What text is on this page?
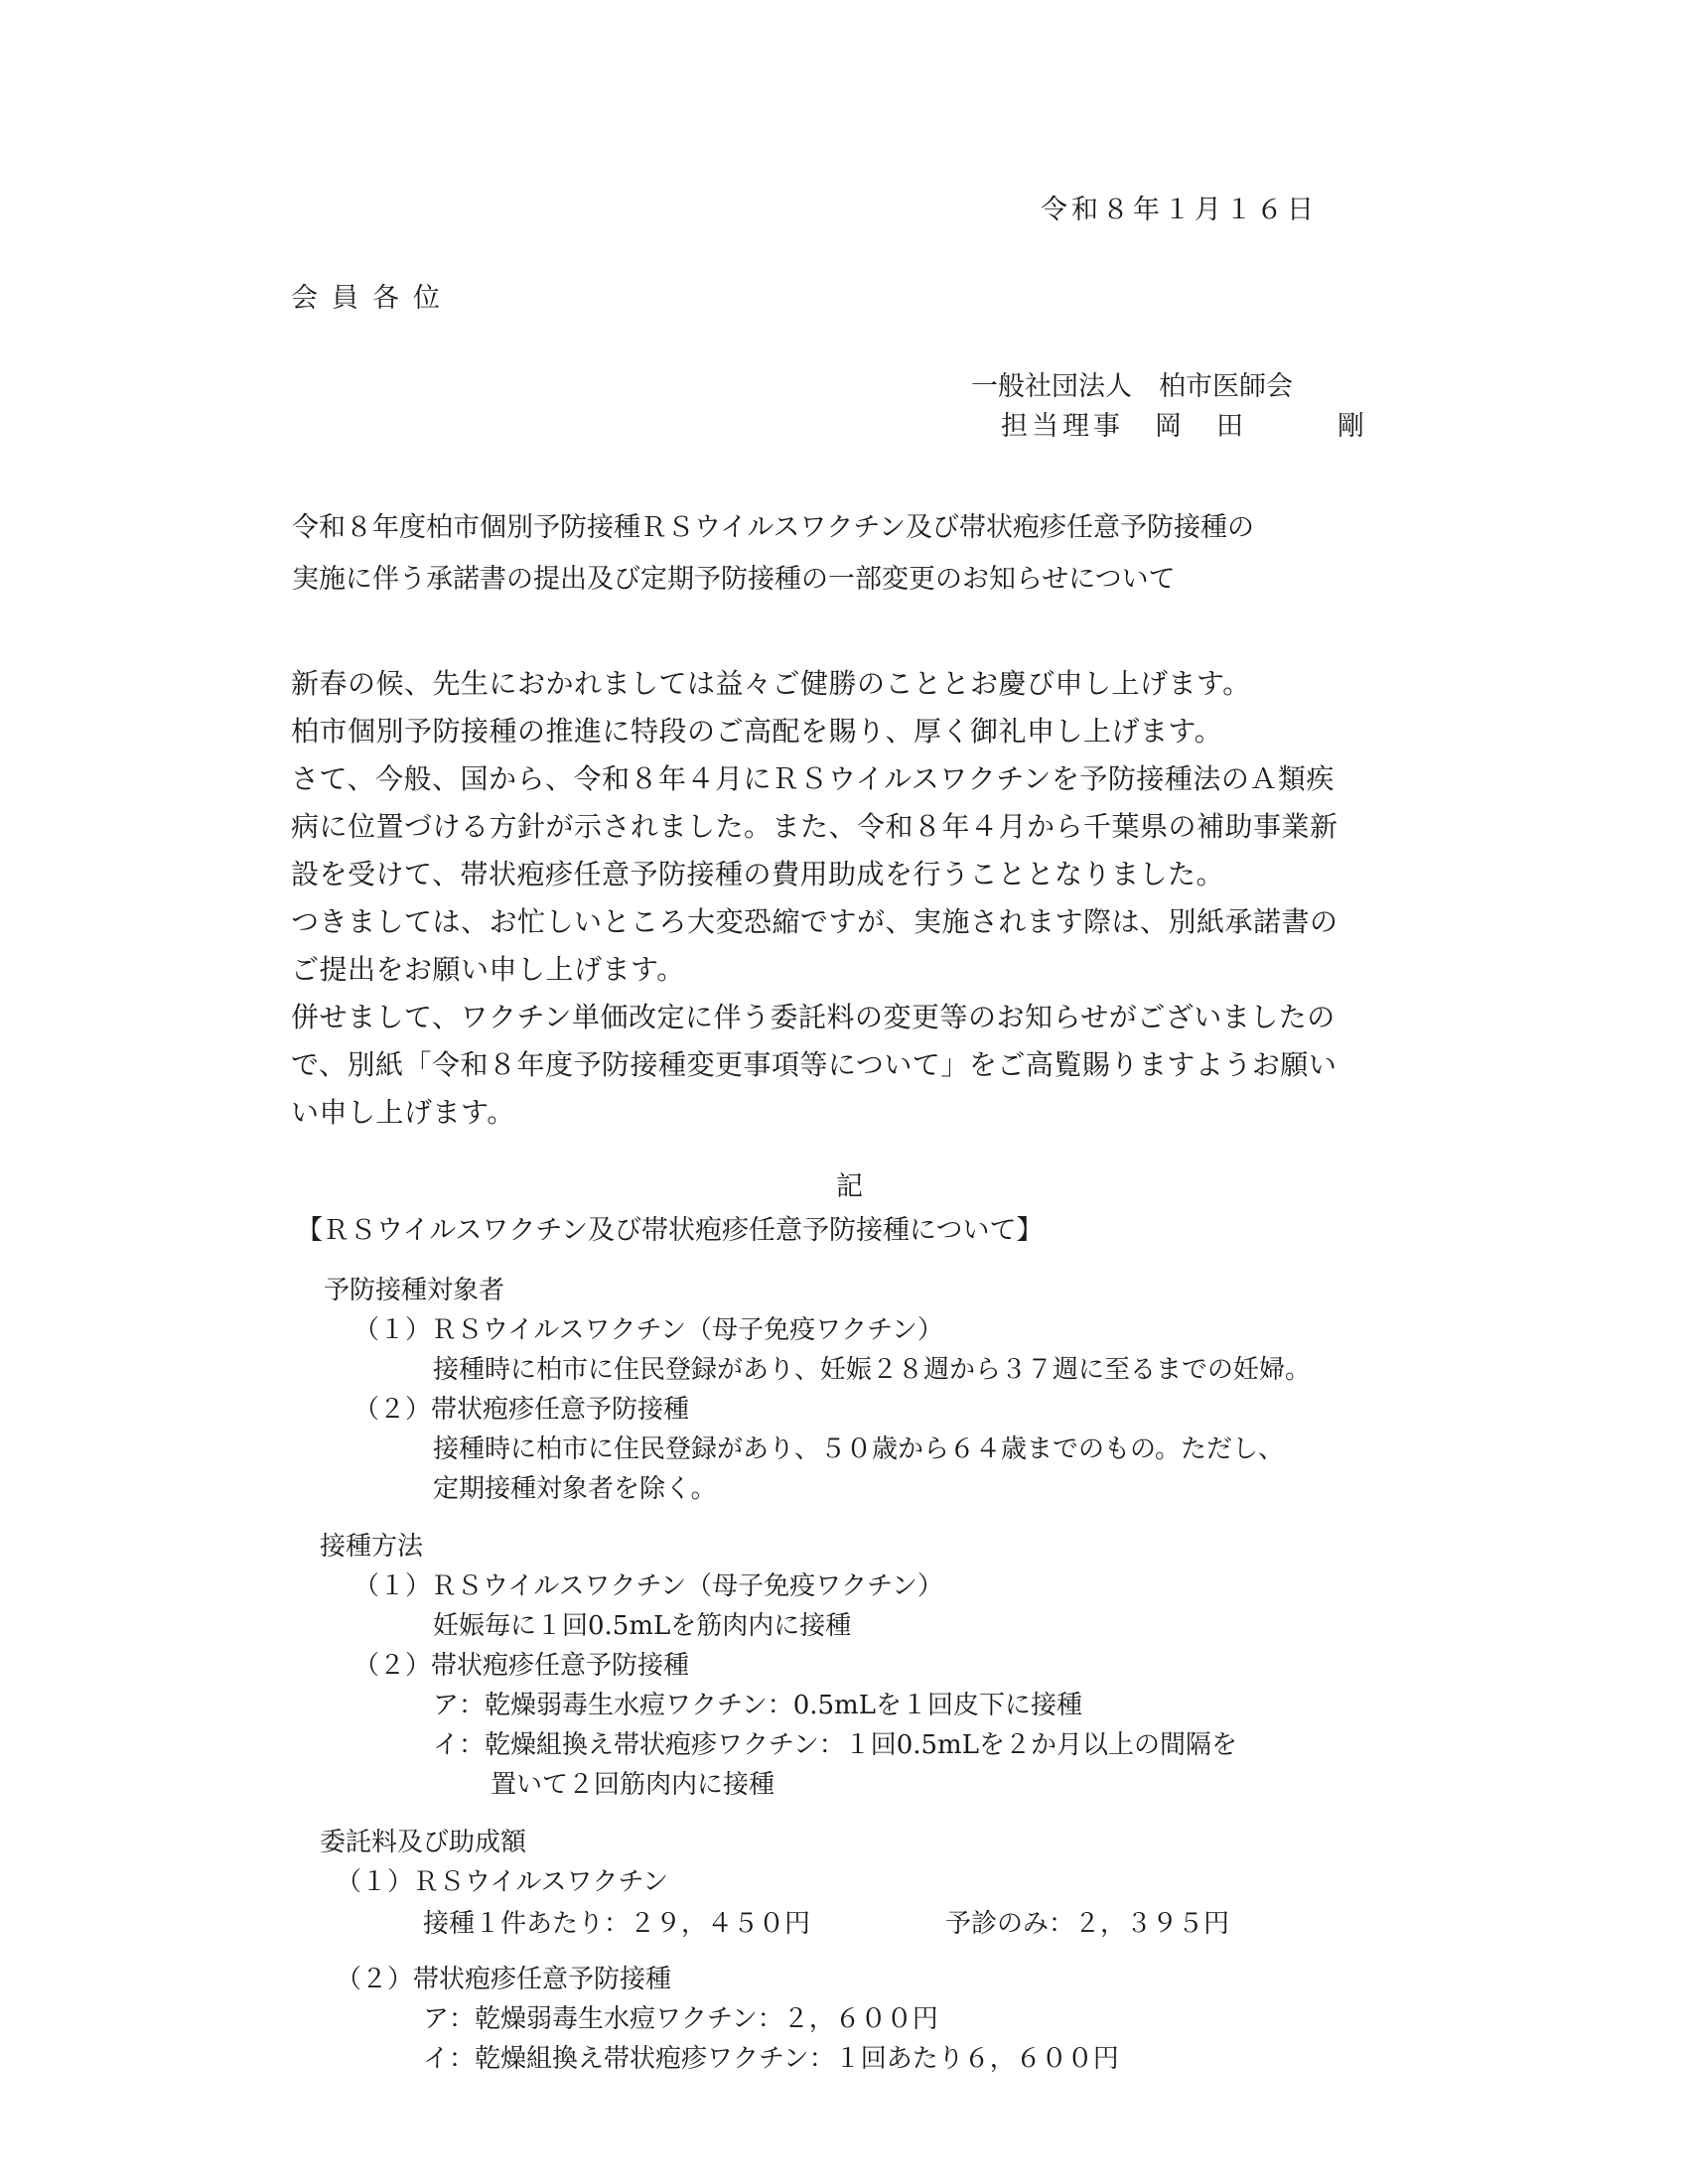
令和８年１月１６日

会員各位

一般社団法人　柏市医師会

担当理事　岡　田	剛

令和８年度柏市個別予防接種ＲＳウイルスワクチン及び帯状疱疹任意予防接種の
実施に伴う承諾書の提出及び定期予防接種の一部変更のお知らせについて

新春の候、先生におかれましては益々ご健勝のこととお慶び申し上げます。

柏市個別予防接種の推進に特段のご高配を賜り、厚く御礼申し上げます。

さて、今般、国から、令和８年４月にＲＳウイルスワクチンを予防接種法のＡ類疾

病に位置づける方針が示されました。また、令和８年４月から千葉県の補助事業新

設を受けて、帯状疱疹任意予防接種の費用助成を行うこととなりました。

つきましては、お忙しいところ大変恐縮ですが、実施されます際は、別紙承諾書の

ご提出をお願い申し上げます。

併せまして、ワクチン単価改定に伴う委託料の変更等のお知らせがございましたの

で、別紙「令和８年度予防接種変更事項等について」をご高覧賜りますようお願い

い申し上げます。

記

【ＲＳウイルスワクチン及び帯状疱疹任意予防接種について】

予防接種対象者

（１）ＲＳウイルスワクチン（母子免疫ワクチン）

接種時に柏市に住民登録があり、妊娠２８週から３７週に至るまでの妊婦。

（２）帯状疱疹任意予防接種

接種時に柏市に住民登録があり、５０歳から６４歳までのもの。ただし、

定期接種対象者を除く。

接種方法

（１）ＲＳウイルスワクチン（母子免疫ワクチン）

妊娠毎に１回0.5mLを筋肉内に接種

（２）帯状疱疹任意予防接種

ア：乾燥弱毒生水痘ワクチン：0.5mLを１回皮下に接種

イ：乾燥組換え帯状疱疹ワクチン：１回0.5mLを２か月以上の間隔を

置いて２回筋肉内に接種

委託料及び助成額

（１）ＲＳウイルスワクチン

接種１件あたり：２９，４５０円	予診のみ：２，３９５円

（２）帯状疱疹任意予防接種

ア：乾燥弱毒生水痘ワクチン：２，６００円

イ：乾燥組換え帯状疱疹ワクチン：１回あたり６，６００円
